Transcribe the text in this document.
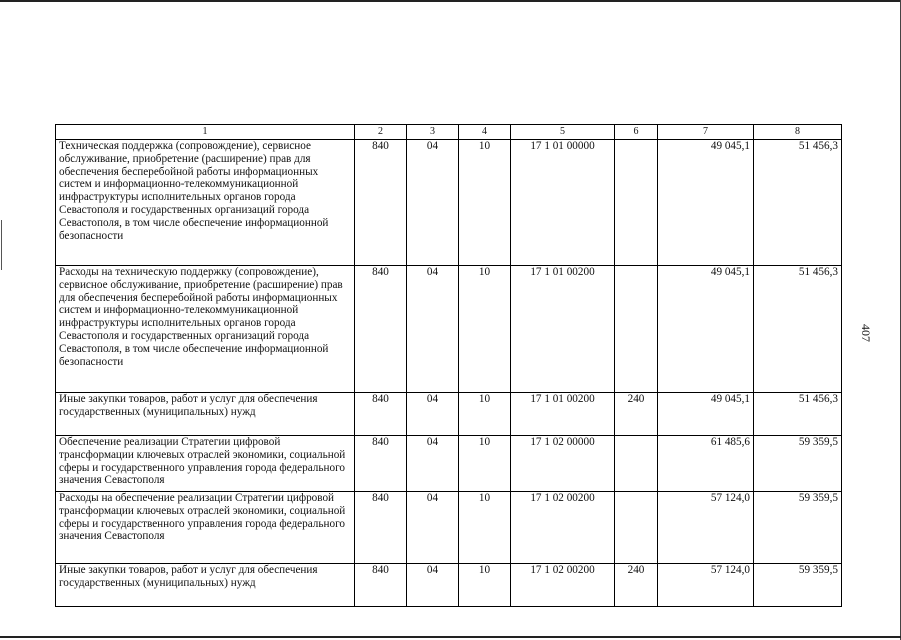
1	2	3	4	5	6	7	8
Техническая поддержка (сопровождение), сервисное обслуживание, приобретение (расширение) прав для обеспечения бесперебойной работы информационных систем и информационно-телекоммуникационной инфраструктуры исполнительных органов города Севастополя и государственных организаций города Севастополя, в том числе обеспечение информационной безопасности	840	04	10	17 1 01 00000		49 045,1	51 456,3
Расходы на техническую поддержку (сопровождение), сервисное обслуживание, приобретение (расширение) прав для обеспечения бесперебойной работы информационных систем и информационно-телекоммуникационной инфраструктуры исполнительных органов города Севастополя и государственных организаций города Севастополя, в том числе обеспечение информационной безопасности	840	04	10	17 1 01 00200		49 045,1	51 456,3
Иные закупки товаров, работ и услуг для обеспечения государственных (муниципальных) нужд	840	04	10	17 1 01 00200	240	49 045,1	51 456,3
Обеспечение реализации Стратегии цифровой трансформации ключевых отраслей экономики, социальной сферы и государственного управления города федерального значения Севастополя	840	04	10	17 1 02 00000		61 485,6	59 359,5
Расходы на обеспечение реализации Стратегии цифровой трансформации ключевых отраслей экономики, социальной сферы и государственного управления города федерального значения Севастополя	840	04	10	17 1 02 00200		57 124,0	59 359,5
Иные закупки товаров, работ и услуг для обеспечения государственных (муниципальных) нужд	840	04	10	17 1 02 00200	240	57 124,0	59 359,5
407
